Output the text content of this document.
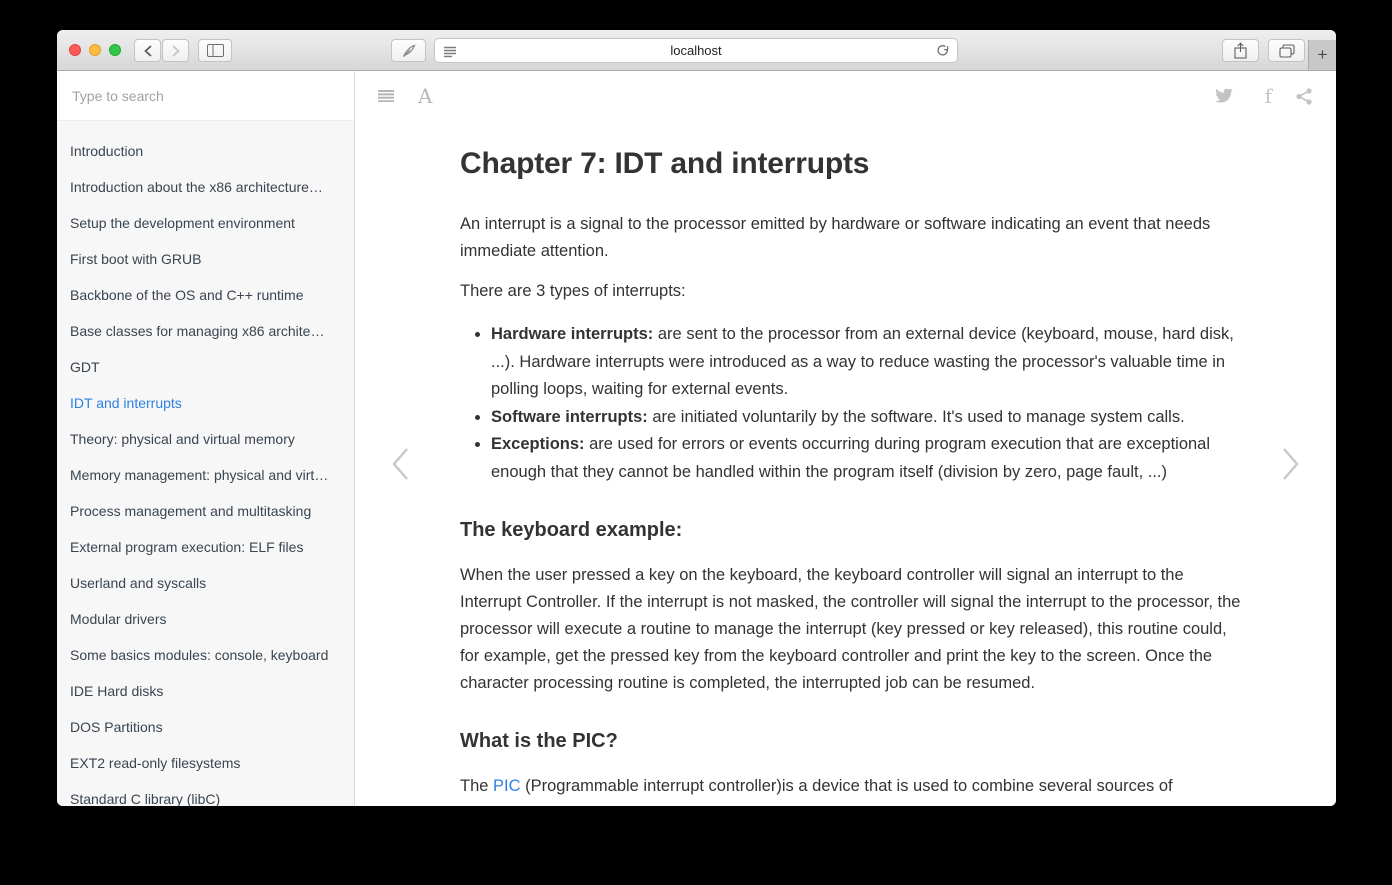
localhost	+
Type to search
Introduction
Introduction about the x86 architecture…
Setup the development environment
First boot with GRUB
Backbone of the OS and C++ runtime
Base classes for managing x86 archite…
GDT
IDT and interrupts
Theory: physical and virtual memory
Memory management: physical and virt…
Process management and multitasking
External program execution: ELF files
Userland and syscalls
Modular drivers
Some basics modules: console, keyboard
IDE Hard disks
DOS Partitions
EXT2 read-only filesystems
Standard C library (libC)
A	f
Chapter 7: IDT and interrupts

An interrupt is a signal to the processor emitted by hardware or software indicating an event that needs immediate attention.

There are 3 types of interrupts:

• Hardware interrupts: are sent to the processor from an external device (keyboard, mouse, hard disk, ...). Hardware interrupts were introduced as a way to reduce wasting the processor's valuable time in polling loops, waiting for external events.
• Software interrupts: are initiated voluntarily by the software. It's used to manage system calls.
• Exceptions: are used for errors or events occurring during program execution that are exceptional enough that they cannot be handled within the program itself (division by zero, page fault, ...)
The keyboard example:

When the user pressed a key on the keyboard, the keyboard controller will signal an interrupt to the Interrupt Controller. If the interrupt is not masked, the controller will signal the interrupt to the processor, the processor will execute a routine to manage the interrupt (key pressed or key released), this routine could, for example, get the pressed key from the keyboard controller and print the key to the screen. Once the character processing routine is completed, the interrupted job can be resumed.

What is the PIC?

The PIC (Programmable interrupt controller)is a device that is used to combine several sources of
